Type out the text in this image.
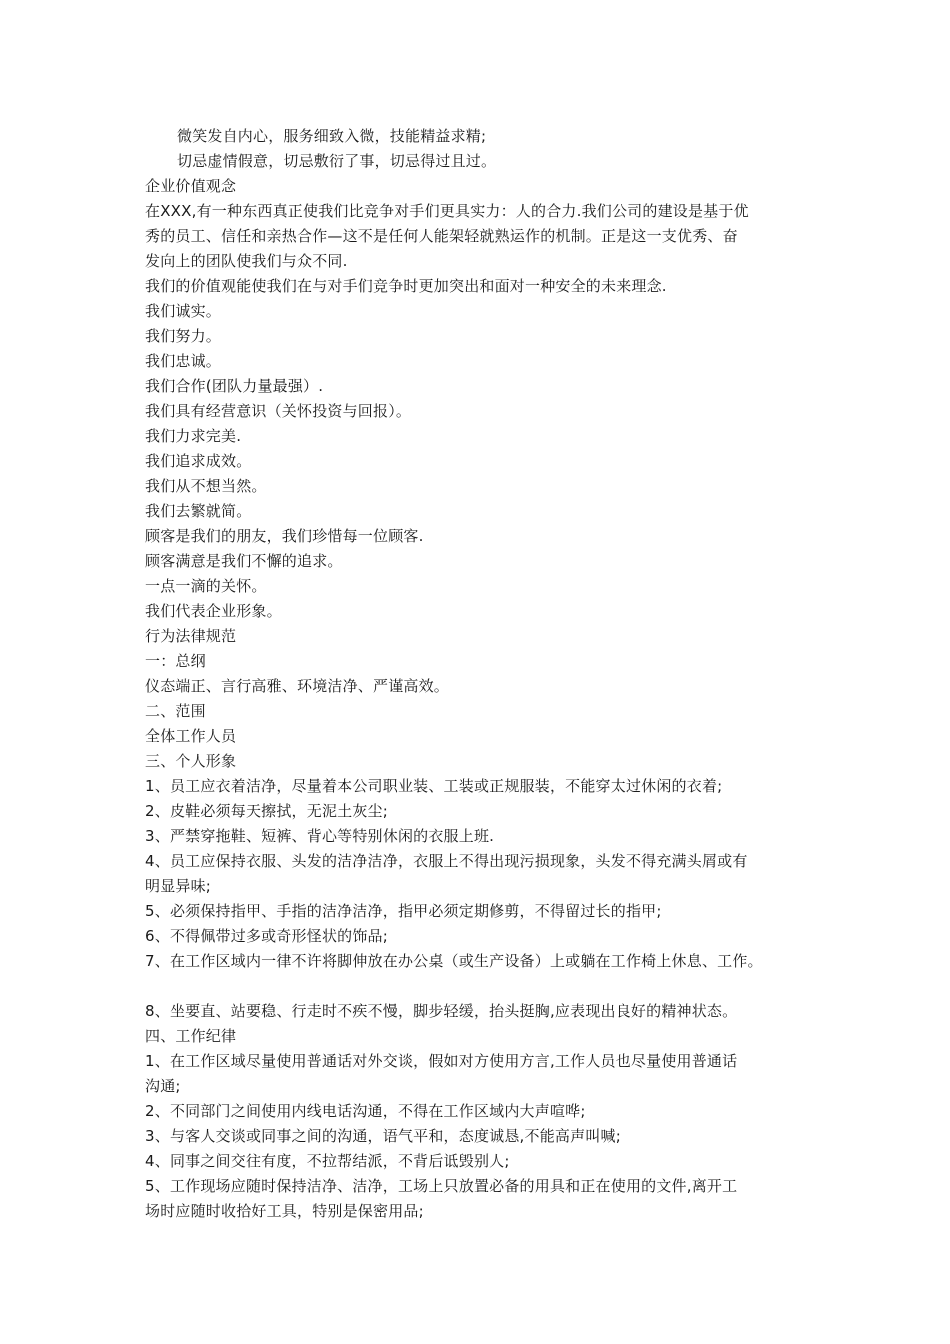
微笑发自内心，服务细致入微，技能精益求精;
切忌虚情假意，切忌敷衍了事，切忌得过且过。
企业价值观念
在XXX,有一种东西真正使我们比竞争对手们更具实力：人的合力.我们公司的建设是基于优
秀的员工、信任和亲热合作—这不是任何人能架轻就熟运作的机制。正是这一支优秀、奋
发向上的团队使我们与众不同.
我们的价值观能使我们在与对手们竞争时更加突出和面对一种安全的未来理念.
我们诚实。
我们努力。
我们忠诚。
我们合作(团队力量最强）.
我们具有经营意识（关怀投资与回报）。
我们力求完美.
我们追求成效。
我们从不想当然。
我们去繁就简。
顾客是我们的朋友，我们珍惜每一位顾客.
顾客满意是我们不懈的追求。
一点一滴的关怀。
我们代表企业形象。
行为法律规范
一：总纲
仪态端正、言行高雅、环境洁净、严谨高效。
二、范围
全体工作人员
三、个人形象
1、员工应衣着洁净，尽量着本公司职业装、工装或正规服装，不能穿太过休闲的衣着;
2、皮鞋必须每天擦拭，无泥土灰尘;
3、严禁穿拖鞋、短裤、背心等特别休闲的衣服上班.
4、员工应保持衣服、头发的洁净洁净，衣服上不得出现污损现象，头发不得充满头屑或有
明显异味;
5、必须保持指甲、手指的洁净洁净，指甲必须定期修剪，不得留过长的指甲;
6、不得佩带过多或奇形怪状的饰品;
7、在工作区域内一律不许将脚伸放在办公桌（或生产设备）上或躺在工作椅上休息、工作。
8、坐要直、站要稳、行走时不疾不慢，脚步轻缓，抬头挺胸,应表现出良好的精神状态。
四、工作纪律
1、在工作区域尽量使用普通话对外交谈，假如对方使用方言,工作人员也尽量使用普通话
沟通;
2、不同部门之间使用内线电话沟通，不得在工作区域内大声喧哗;
3、与客人交谈或同事之间的沟通，语气平和，态度诚恳,不能高声叫喊;
4、同事之间交往有度，不拉帮结派，不背后诋毁别人;
5、工作现场应随时保持洁净、洁净，工场上只放置必备的用具和正在使用的文件,离开工
场时应随时收拾好工具，特别是保密用品;
